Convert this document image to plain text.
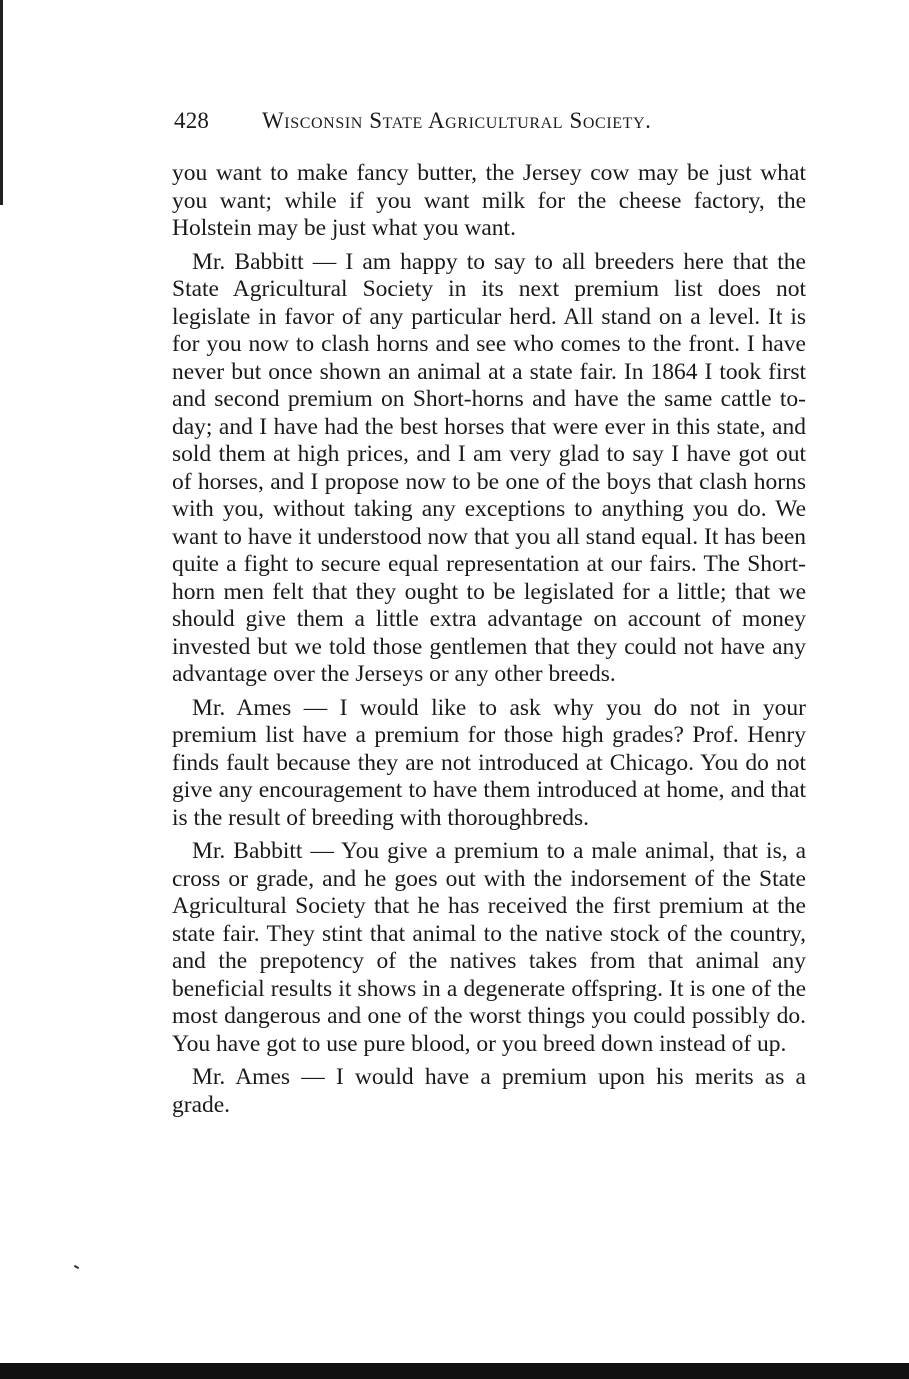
428 Wisconsin State Agricultural Society.

you want to make fancy butter, the Jersey cow may be just what you want; while if you want milk for the cheese factory, the Holstein may be just what you want.

Mr. Babbitt — I am happy to say to all breeders here that the State Agricultural Society in its next premium list does not legislate in favor of any particular herd. All stand on a level. It is for you now to clash horns and see who comes to the front. I have never but once shown an animal at a state fair. In 1864 I took first and second premium on Short-horns and have the same cattle to-day; and I have had the best horses that were ever in this state, and sold them at high prices, and I am very glad to say I have got out of horses, and I propose now to be one of the boys that clash horns with you, without taking any exceptions to anything you do. We want to have it understood now that you all stand equal. It has been quite a fight to secure equal representation at our fairs. The Short-horn men felt that they ought to be legislated for a little; that we should give them a little extra advantage on account of money invested but we told those gentlemen that they could not have any advantage over the Jerseys or any other breeds.

Mr. Ames — I would like to ask why you do not in your premium list have a premium for those high grades? Prof. Henry finds fault because they are not introduced at Chicago. You do not give any encouragement to have them introduced at home, and that is the result of breeding with thoroughbreds.

Mr. Babbitt — You give a premium to a male animal, that is, a cross or grade, and he goes out with the indorsement of the State Agricultural Society that he has received the first premium at the state fair. They stint that animal to the native stock of the country, and the prepotency of the natives takes from that animal any beneficial results it shows in a degenerate offspring. It is one of the most dangerous and one of the worst things you could possibly do. You have got to use pure blood, or you breed down instead of up.

Mr. Ames — I would have a premium upon his merits as a grade.
